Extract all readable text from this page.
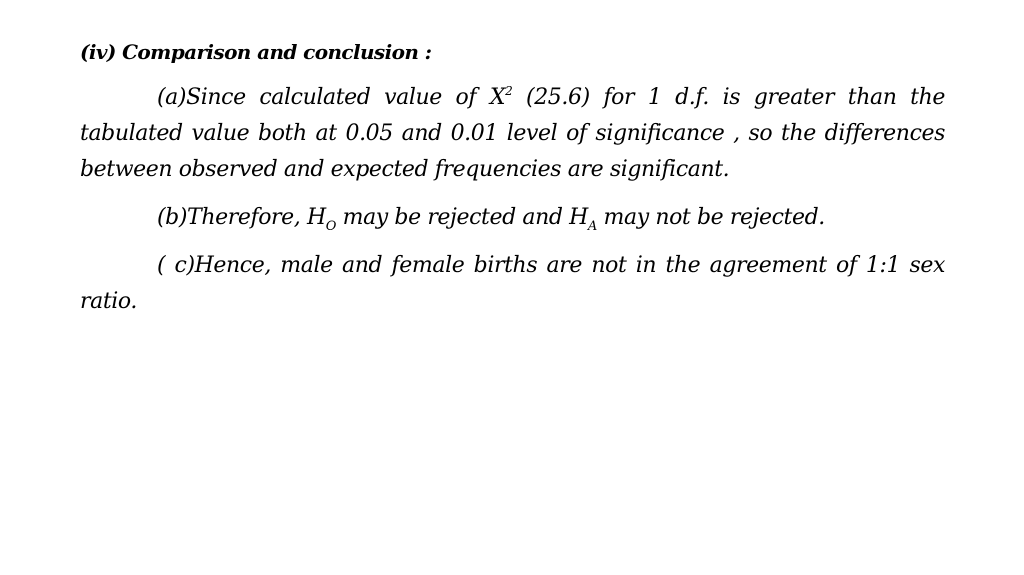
(iv) Comparison and conclusion :

(a)Since calculated value of $X^2$ (25.6) for 1 d.f. is greater than the tabulated value both at 0.05 and 0.01 level of significance , so the differences between observed and expected frequencies are significant.

(b)Therefore, $H_O$ may be rejected and $H_A$ may not be rejected.

( c)Hence, male and female births are not in the agreement of 1:1 sex ratio.
